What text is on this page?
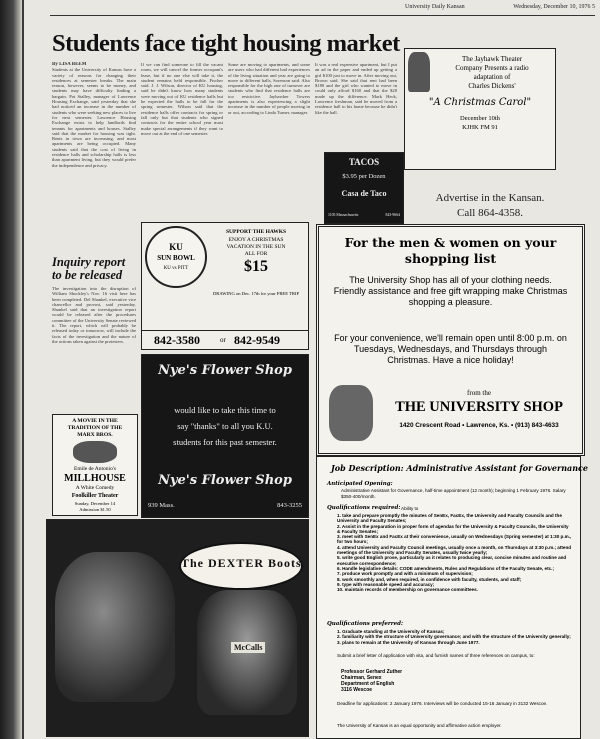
University Daily Kansan	Wednesday, December 10, 1976 5
Students face tight housing market
By LISA BEEM
Students at the University of Kansas have a variety of reasons for changing their residences at semester breaks. The main reason, however, seems to be money, and students may have difficulty finding a bargain. Pat Stalley, manager of Lawrence Housing Exchange, said yesterday that she had noticed an increase in the number of students who were seeking new places to live for next semester. Lawrence Housing Exchange exists to help landlords find tenants for apartments and houses. Stalley said that the market for housing was tight. Rents in town are increasing, and most apartments are being occupied. Many students said that the cost of living in residence halls and scholarship halls is less than apartment living, but they would prefer the independence and privacy.
Inquiry report to be released
The investigation into the disruption of William Shockley's Nov. 16 visit here has been completed. Del Shankel, executive vice chancellor and provost, said yesterday. Shankel said that an investigation report would be released after the procedures committee of the University Senate reviewed it. The report, which will probably be released today or tomorrow, will include the facts of the investigation and the nature of the actions taken against the protesters.
If we can find someone to fill the vacant room, we will cancel the former occupant's lease, but if no one else will take it, the student remains held responsible, Fischer said. J. J. Wilson, director of KU housing, said he didn't know how many students were moving out of KU residence halls but he expected the halls to be full for the spring semester. Wilson said that the residence halls offer contracts for spring or fall only but that students who signed contracts for the entire school year must make special arrangements if they want to move out at the end of one semester.
Some are moving to apartments, and some are users who had different bad experiences of the living situation and year are going to move to different halls, Sorenson said. Also responsible for the high rate of turnover are students who find that residence halls are too restrictive. Jayhawker Towers apartments is also experiencing a slight increase in the number of people moving in or out, according to Linda Turner, manager.
It was a real expensive apartment, but I put an ad in the paper and ended up getting a girl $100 just to move in. After moving out, Brown said. She said that rent had been $180 and the girl who wanted to move in could only afford $160 and that the $20 made up the difference. Mark Heck, Lawrence freshman, said he moved from a residence hall to his home because he didn't like the hall.
KU
SUN BOWL
KU vs PITT
SUPPORT THE HAWKS
ENJOY A CHRISTMAS
VACATION IN THE SUN
ALL FOR
$15
DRAWING on Dec. 17th for your FREE TRIP
842-3580	or 842-9549
Nye's Flower Shop
would like to take this time to
say "thanks" to all you K.U.
students for this past semester.
Nye's Flower Shop
939 Mass.	843-3255
A MOVIE IN THE
TRADITION OF THE
MARX BROS.
Emile de Antonio's
MILLHOUSE
A White Comedy
Foolkiller Theater
Sunday, December 14
Admission $1.50
The DEXTER Boots
McCalls
The Jayhawk Theater
Company Presents a radio
adaptation of
Charles Dickens'
"A Christmas Carol"
December 10th
KJHK FM 91
TACOS
$3.95 per Dozen
Casa de Taco
1105 Massachusetts	843-9664
Advertise in the Kansan.
Call 864-4358.
For the men & women on your shopping list
The University Shop has all of your clothing needs. Friendly assistance and free gift wrapping make Christmas shopping a pleasure.
For your convenience, we'll remain open until 8:00 p.m. on Tuesdays, Wednesdays, and Thursdays through Christmas. Have a nice holiday!
from the
THE UNIVERSITY SHOP
1420 Crescent Road • Lawrence, Ks. • (913) 843-4633
Job Description: Administrative Assistant for Governance
Anticipated Opening:
Administrative Assistant for Governance, half-time appointment (12 month); beginning 1 February 1976. Salary $350-400/month.
Qualifications required: Ability to
1. take and prepare promptly the minutes of SenEx, FacEx, the University and Faculty Councils and the University and Faculty Senates;
2. Assist in the preparation in proper form of agendas for the University & Faculty Councils, the University & Faculty Senates;
3. meet with SenEx and FacEx at their convenience, usually on Wednesdays (Spring semester) at 1:30 p.m., for two hours;
4. attend University and Faculty Council meetings, usually once a month, on Thursdays at 3:30 p.m.; attend meetings of the University and Faculty Senates, usually twice yearly;
5. write good English prose, particularly as it relates to producing clear, concise minutes and routine and executive correspondence;
6. Handle legislative details: CODE amendments, Rules and Regulations of the Faculty Senate, etc.;
7. produce work promptly and with a minimum of supervision;
8. work smoothly and, when required, in confidence with faculty, students, and staff;
9. type with reasonable speed and accuracy;
10. maintain records of membership on governance committees.
Qualifications preferred:
1. Graduate standing at the University of Kansas;
2. familiarity with the structure of University governance; and with the structure of the University generally;
3. plans to remain at the University of Kansas through June 1977.
Submit a brief letter of application with vita, and furnish names of three references on campus, to:
Professor Gerhard Zuther
Chairman, Senex
Department of English
3116 Wescoe
Deadline for applications: 2 January 1976. Interviews will be conducted 15-16 January in 3132 Wescoe.
The University of Kansas is an equal opportunity and affirmative action employer.
